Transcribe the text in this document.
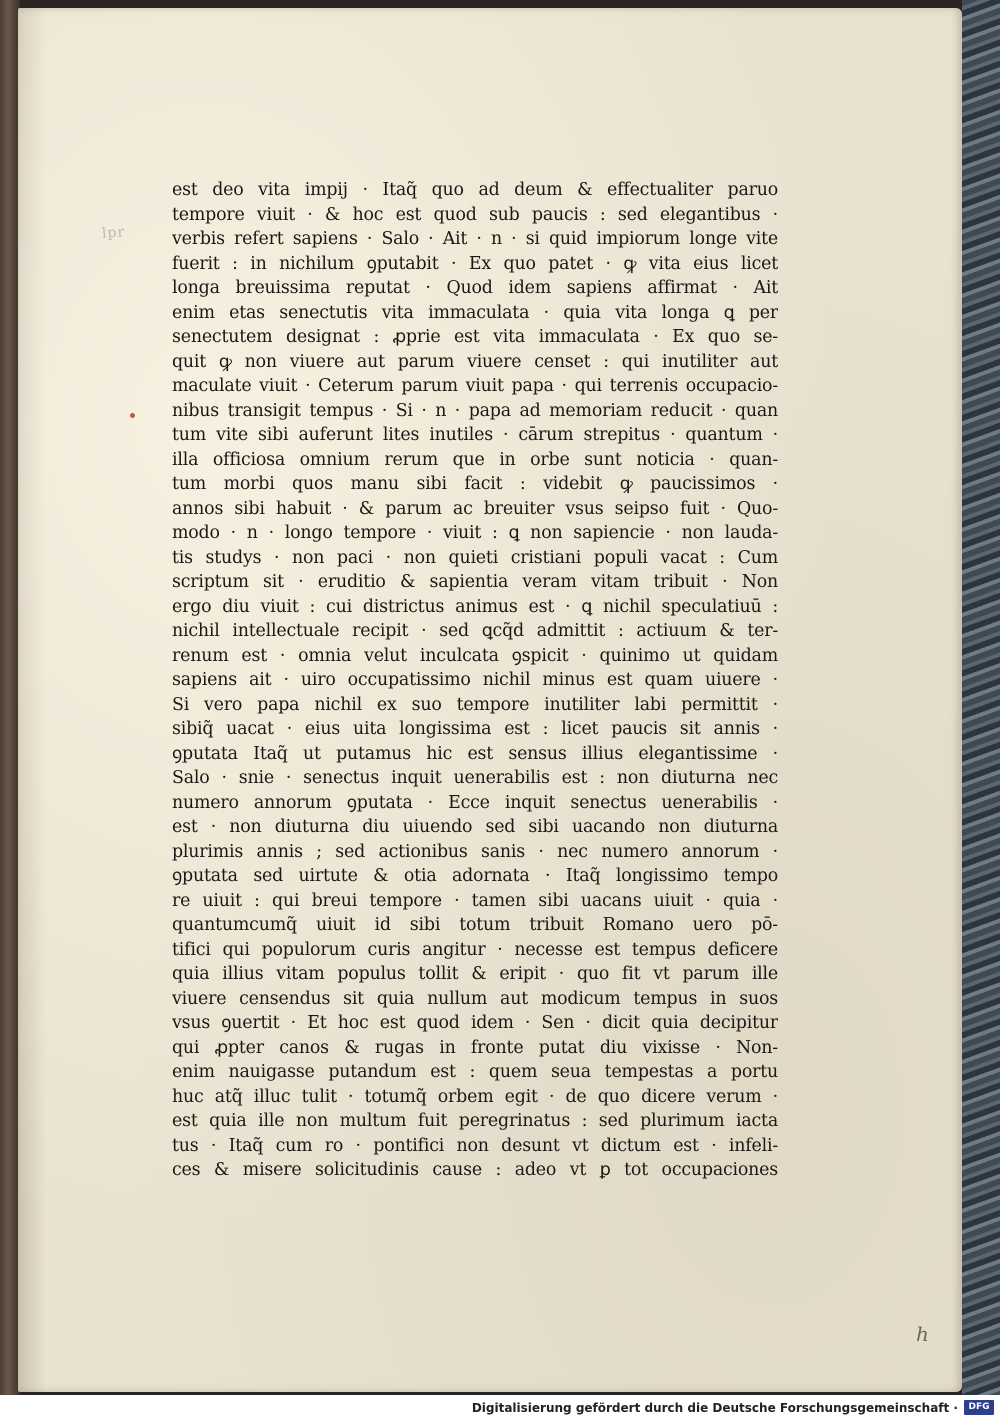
lpr
est deo vita impij · Itaq̃ quo ad deum & effectualiter paruo
tempore viuit · & hoc est quod sub paucis : sed elegantibus ·
verbis refert sapiens · Salo · Ait · n · si quid impiorum longe vite
fuerit : in nichilum ꝯputabit · Ex quo patet · ꝙ vita eius licet
longa breuissima reputat · Quod idem sapiens affirmat · Ait
enim etas senectutis vita immaculata · quia vita longa ꝗ per
senectutem designat : ꝓprie est vita immaculata · Ex quo se-
quit ꝙ non viuere aut parum viuere censet : qui inutiliter aut
maculate viuit · Ceterum parum viuit papa · qui terrenis occupacio-
nibus transigit tempus · Si · n · papa ad memoriam reducit · quan
tum vite sibi auferunt lites inutiles · cārum strepitus · quantum ·
illa officiosa omnium rerum que in orbe sunt noticia · quan-
tum morbi quos manu sibi facit : videbit ꝙ paucissimos ·
annos sibi habuit · & parum ac breuiter vsus seipso fuit · Quo-
modo · n · longo tempore · viuit : ꝗ non sapiencie · non lauda-
tis studys · non paci · non quieti cristiani populi vacat : Cum
scriptum sit · eruditio & sapientia veram vitam tribuit · Non
ergo diu viuit : cui districtus animus est · ꝗ nichil speculatiuū :
nichil intellectuale recipit · sed ꝗcq̃d admittit : actiuum & ter-
renum est · omnia velut inculcata ꝯspicit · quinimo ut quidam
sapiens ait · uiro occupatissimo nichil minus est quam uiuere ·
Si vero papa nichil ex suo tempore inutiliter labi permittit ·
sibiq̃ uacat · eius uita longissima est : licet paucis sit annis ·
ꝯputata Itaq̃ ut putamus hic est sensus illius elegantissime ·
Salo · snie · senectus inquit uenerabilis est : non diuturna nec
numero annorum ꝯputata · Ecce inquit senectus uenerabilis ·
est · non diuturna diu uiuendo sed sibi uacando non diuturna
plurimis annis ; sed actionibus sanis · nec numero annorum ·
ꝯputata sed uirtute & otia adornata · Itaq̃ longissimo tempo
re uiuit : qui breui tempore · tamen sibi uacans uiuit · quia ·
quantumcumq̃ uiuit id sibi totum tribuit Romano uero pō-
tifici qui populorum curis angitur · necesse est tempus deficere
quia illius vitam populus tollit & eripit · quo fit vt parum ille
viuere censendus sit quia nullum aut modicum tempus in suos
vsus ꝯuertit · Et hoc est quod idem · Sen · dicit quia decipitur
qui ꝓpter canos & rugas in fronte putat diu vixisse · Non-
enim nauigasse putandum est : quem seua tempestas a portu
huc atq̃ illuc tulit · totumq̃ orbem egit · de quo dicere verum ·
est quia ille non multum fuit peregrinatus : sed plurimum iacta
tus · Itaq̃ cum ro · pontifici non desunt vt dictum est · infeli-
ces & misere solicitudinis cause : adeo vt ꝑ tot occupaciones
h
Digitalisierung gefördert durch die Deutsche Forschungsgemeinschaft ·	DFG
